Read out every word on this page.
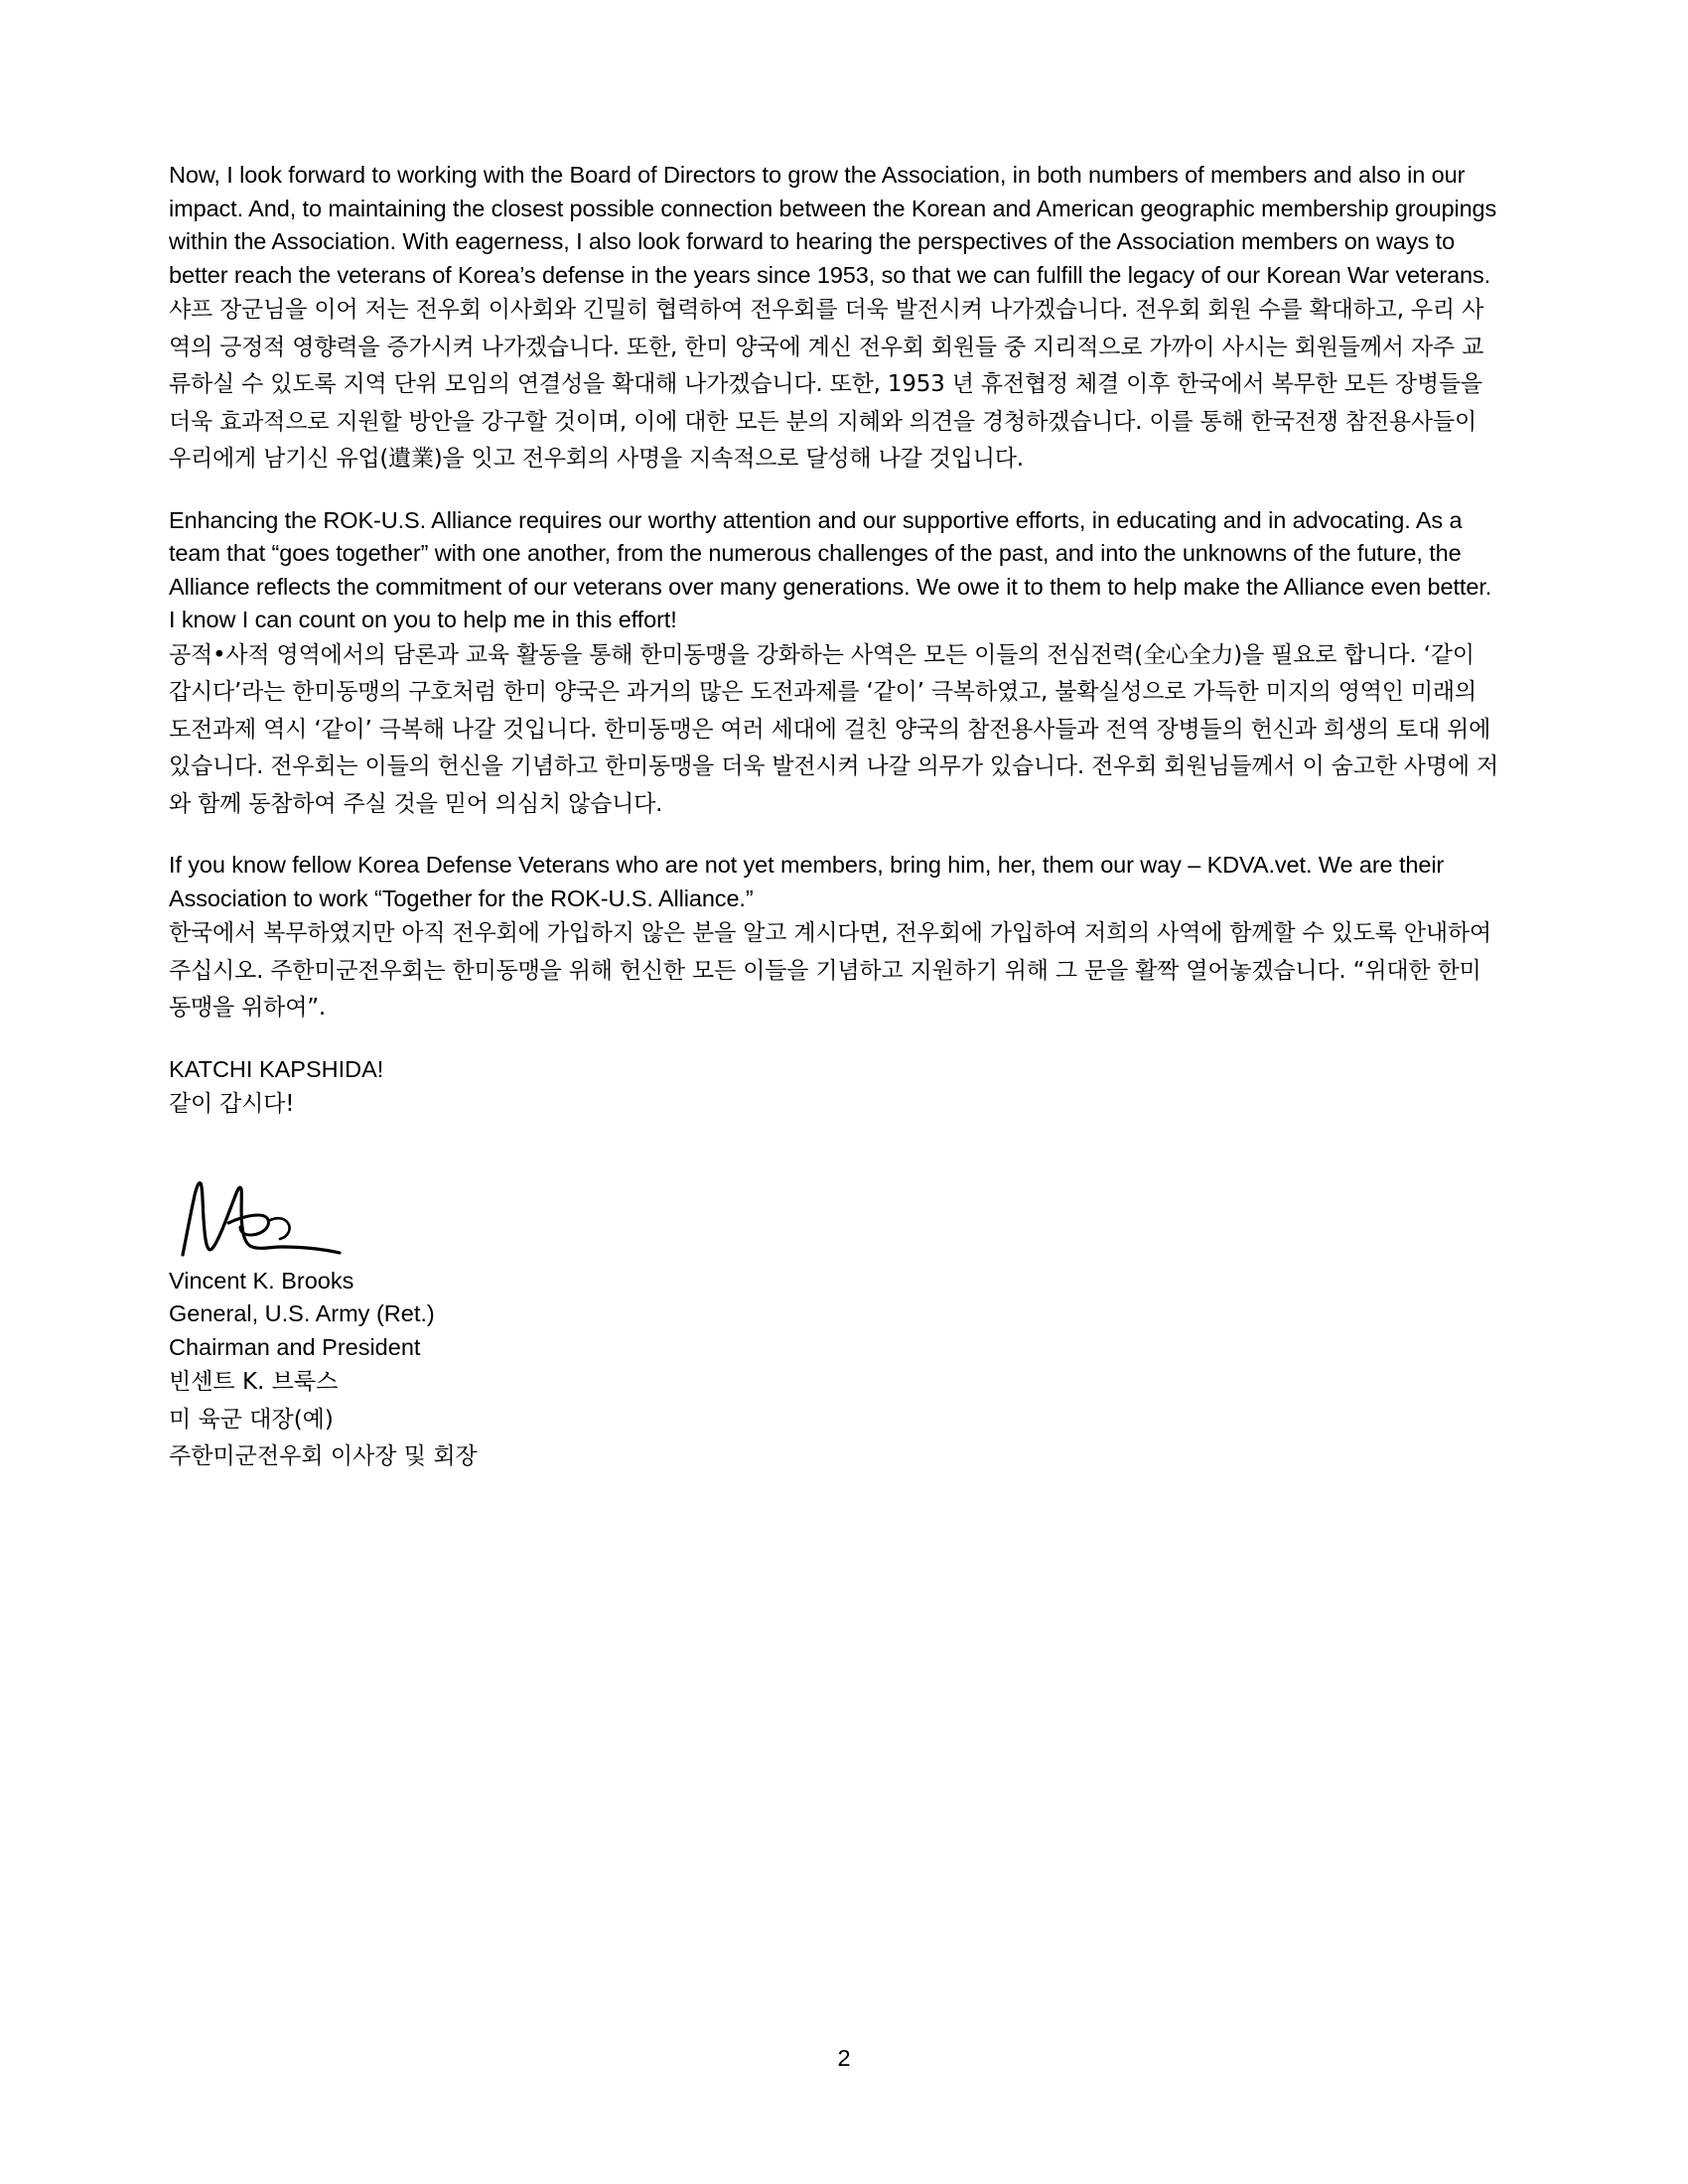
Now, I look forward to working with the Board of Directors to grow the Association, in both numbers of members and also in our impact. And, to maintaining the closest possible connection between the Korean and American geographic membership groupings within the Association. With eagerness, I also look forward to hearing the perspectives of the Association members on ways to better reach the veterans of Korea’s defense in the years since 1953, so that we can fulfill the legacy of our Korean War veterans.

샤프 장군님을 이어 저는 전우회 이사회와 긴밀히 협력하여 전우회를 더욱 발전시켜 나가겠습니다. 전우회 회원 수를 확대하고, 우리 사역의 긍정적 영향력을 증가시켜 나가겠습니다. 또한, 한미 양국에 계신 전우회 회원들 중 지리적으로 가까이 사시는 회원들께서 자주 교류하실 수 있도록 지역 단위 모임의 연결성을 확대해 나가겠습니다. 또한, 1953 년 휴전협정 체결 이후 한국에서 복무한 모든 장병들을 더욱 효과적으로 지원할 방안을 강구할 것이며, 이에 대한 모든 분의 지혜와 의견을 경청하겠습니다. 이를 통해 한국전쟁 참전용사들이 우리에게 남기신 유업(遺業)을 잇고 전우회의 사명을 지속적으로 달성해 나갈 것입니다.

Enhancing the ROK-U.S. Alliance requires our worthy attention and our supportive efforts, in educating and in advocating. As a team that “goes together” with one another, from the numerous challenges of the past, and into the unknowns of the future, the Alliance reflects the commitment of our veterans over many generations. We owe it to them to help make the Alliance even better. I know I can count on you to help me in this effort!

공적•사적 영역에서의 담론과 교육 활동을 통해 한미동맹을 강화하는 사역은 모든 이들의 전심전력(全心全力)을 필요로 합니다. ‘같이 갑시다’라는 한미동맹의 구호처럼 한미 양국은 과거의 많은 도전과제를 ‘같이’ 극복하였고, 불확실성으로 가득한 미지의 영역인 미래의 도전과제 역시 ‘같이’ 극복해 나갈 것입니다. 한미동맹은 여러 세대에 걸친 양국의 참전용사들과 전역 장병들의 헌신과 희생의 토대 위에 있습니다. 전우회는 이들의 헌신을 기념하고 한미동맹을 더욱 발전시켜 나갈 의무가 있습니다. 전우회 회원님들께서 이 숨고한 사명에 저와 함께 동참하여 주실 것을 믿어 의심치 않습니다.

If you know fellow Korea Defense Veterans who are not yet members, bring him, her, them our way – KDVA.vet. We are their Association to work “Together for the ROK-U.S. Alliance.”

한국에서 복무하였지만 아직 전우회에 가입하지 않은 분을 알고 계시다면, 전우회에 가입하여 저희의 사역에 함께할 수 있도록 안내하여 주십시오. 주한미군전우회는 한미동맹을 위해 헌신한 모든 이들을 기념하고 지원하기 위해 그 문을 활짝 열어놓겠습니다. “위대한 한미동맹을 위하여”.

KATCHI KAPSHIDA!

같이 갑시다!

Vincent K. Brooks

General, U.S. Army (Ret.)

Chairman and President

빈센트 K. 브룩스

미 육군 대장(예)

주한미군전우회 이사장 및 회장

2
